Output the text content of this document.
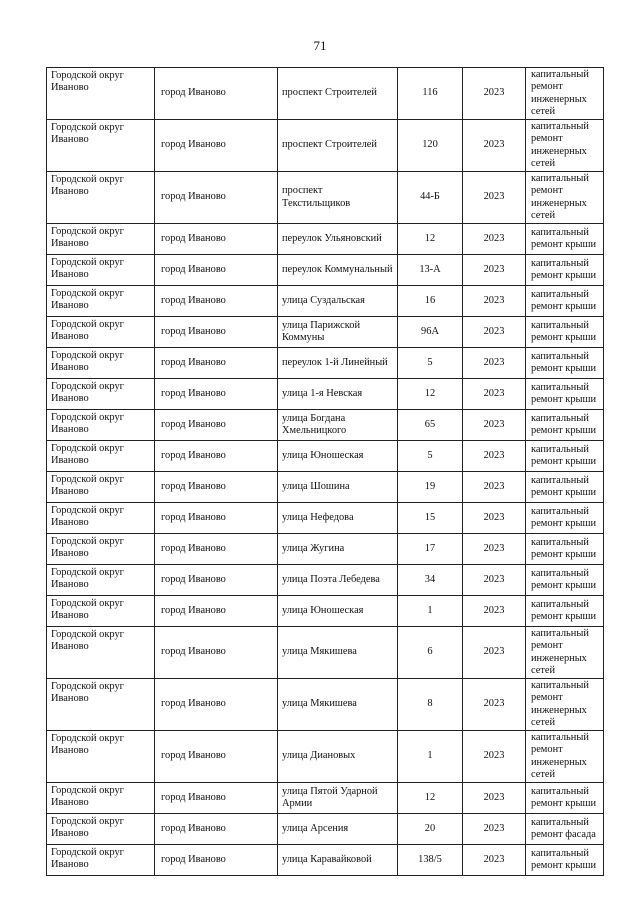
71
Городской округ Иваново	город Иваново	проспект Строителей	116	2023	капитальный ремонт инженерных сетей
Городской округ Иваново	город Иваново	проспект Строителей	120	2023	капитальный ремонт инженерных сетей
Городской округ Иваново	город Иваново	проспект Текстильщиков	44-Б	2023	капитальный ремонт инженерных сетей
Городской округ Иваново	город Иваново	переулок Ульяновский	12	2023	капитальный ремонт крыши
Городской округ Иваново	город Иваново	переулок Коммунальный	13-А	2023	капитальный ремонт крыши
Городской округ Иваново	город Иваново	улица Суздальская	16	2023	капитальный ремонт крыши
Городской округ Иваново	город Иваново	улица Парижской Коммуны	96А	2023	капитальный ремонт крыши
Городской округ Иваново	город Иваново	переулок 1-й Линейный	5	2023	капитальный ремонт крыши
Городской округ Иваново	город Иваново	улица 1-я Невская	12	2023	капитальный ремонт крыши
Городской округ Иваново	город Иваново	улица Богдана Хмельницкого	65	2023	капитальный ремонт крыши
Городской округ Иваново	город Иваново	улица Юношеская	5	2023	капитальный ремонт крыши
Городской округ Иваново	город Иваново	улица Шошина	19	2023	капитальный ремонт крыши
Городской округ Иваново	город Иваново	улица Нефедова	15	2023	капитальный ремонт крыши
Городской округ Иваново	город Иваново	улица Жугина	17	2023	капитальный ремонт крыши
Городской округ Иваново	город Иваново	улица Поэта Лебедева	34	2023	капитальный ремонт крыши
Городской округ Иваново	город Иваново	улица Юношеская	1	2023	капитальный ремонт крыши
Городской округ Иваново	город Иваново	улица Мякишева	6	2023	капитальный ремонт инженерных сетей
Городской округ Иваново	город Иваново	улица Мякишева	8	2023	капитальный ремонт инженерных сетей
Городской округ Иваново	город Иваново	улица Диановых	1	2023	капитальный ремонт инженерных сетей
Городской округ Иваново	город Иваново	улица Пятой Ударной Армии	12	2023	капитальный ремонт крыши
Городской округ Иваново	город Иваново	улица Арсения	20	2023	капитальный ремонт фасада
Городской округ Иваново	город Иваново	улица Каравайковой	138/5	2023	капитальный ремонт крыши
